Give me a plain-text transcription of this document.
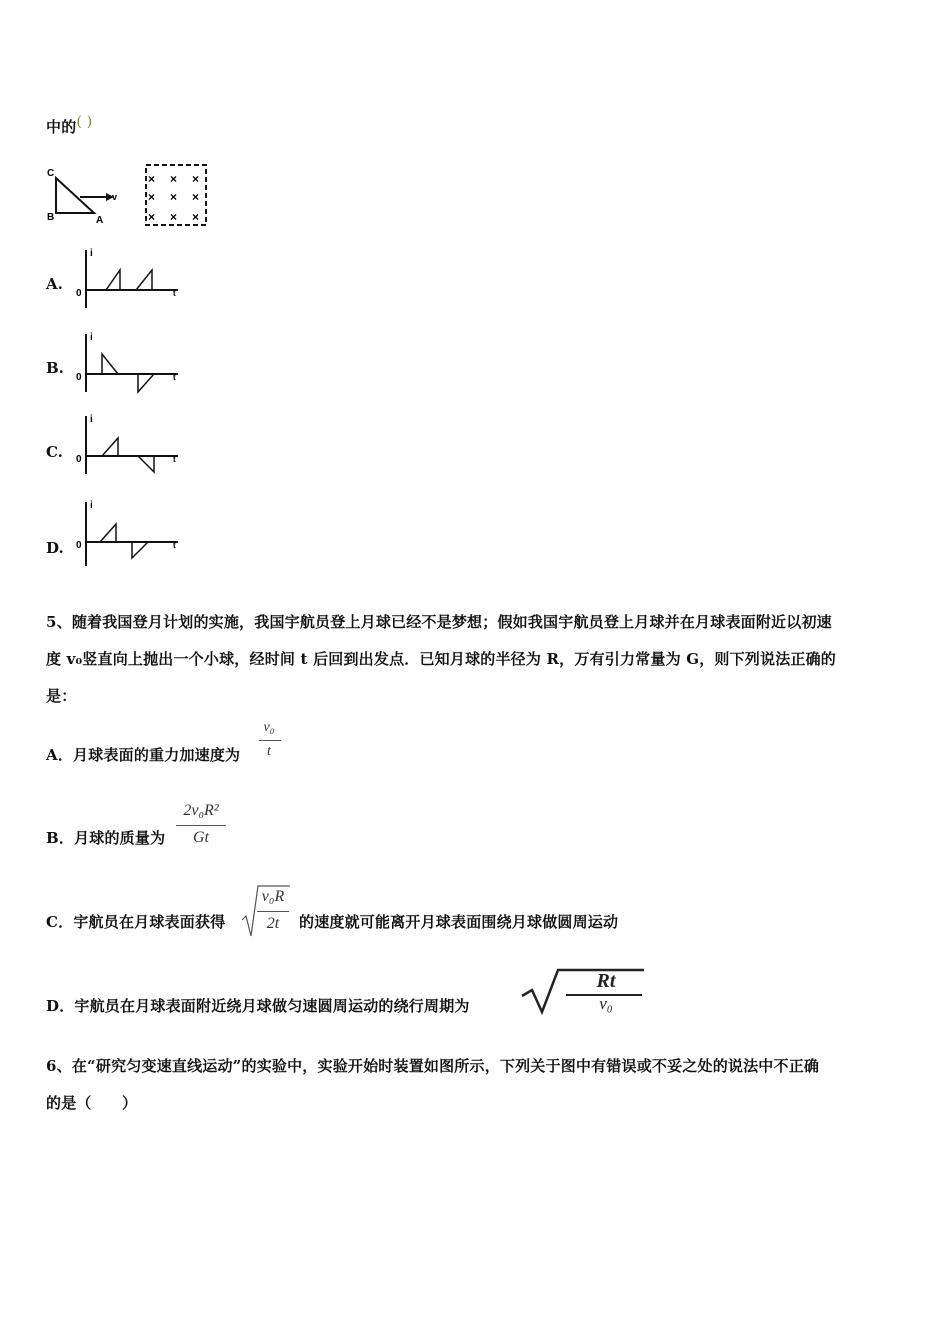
中的( )
C
B	A
v
× × ×
× × ×
× × ×
A.
i
0	t
B.
i
0	t
C.
i
0	t
D.
i
0	t
5、随着我国登月计划的实施，我国宇航员登上月球已经不是梦想；假如我国宇航员登上月球并在月球表面附近以初速
度 v₀竖直向上抛出一个小球，经时间 t 后回到出发点．已知月球的半径为 R，万有引力常量为 G，则下列说法正确的
是：
A．月球表面的重力加速度为
v₀
t
B．月球的质量为
2v₀R²
Gt
C．宇航员在月球表面获得
v₀R
2t	的速度就可能离开月球表面围绕月球做圆周运动
D．宇航员在月球表面附近绕月球做匀速圆周运动的绕行周期为
Rt
v₀
6、在“研究匀变速直线运动”的实验中，实验开始时装置如图所示，下列关于图中有错误或不妥之处的说法中不正确
的是（　　）
